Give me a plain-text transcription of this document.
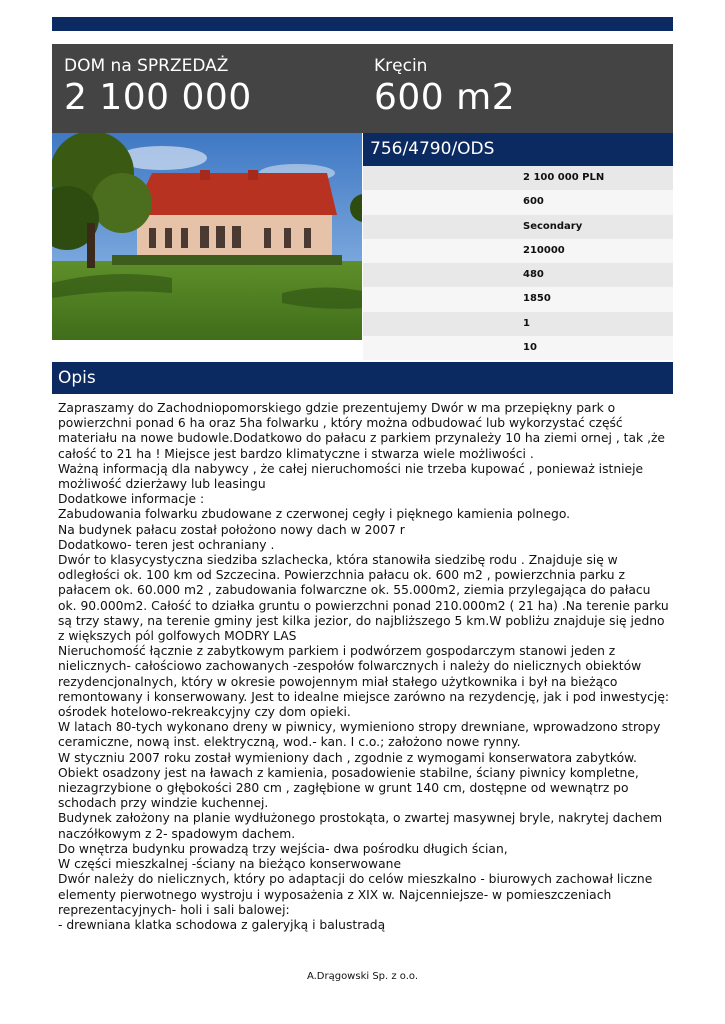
DOM na SPRZEDAŻ
2 100 000
Kręcin
600 m2
756/4790/ODS
2 100 000 PLN
600
Secondary
210000
480
1850
1
10
Opis

Zapraszamy do Zachodniopomorskiego gdzie prezentujemy Dwór w ma przepiękny park o powierzchni ponad 6 ha oraz 5ha folwarku , który można odbudować lub wykorzystać część materiału na nowe budowle.Dodatkowo do pałacu z parkiem przynależy 10 ha ziemi ornej , tak ,że całość to 21 ha ! Miejsce jest bardzo klimatyczne i stwarza wiele możliwości .

Ważną informacją dla nabywcy , że całej nieruchomości nie trzeba kupować , ponieważ istnieje możliwość dzierżawy lub leasingu

Dodatkowe informacje :

Zabudowania folwarku zbudowane z czerwonej cegły i pięknego kamienia polnego.

Na budynek pałacu został położono nowy dach w 2007 r

Dodatkowo- teren jest ochraniany .

Dwór to klasycystyczna siedziba szlachecka, która stanowiła siedzibę rodu . Znajduje się w odległości ok. 100 km od Szczecina. Powierzchnia pałacu ok. 600 m2 , powierzchnia parku z pałacem ok. 60.000 m2 , zabudowania folwarczne ok. 55.000m2, ziemia przylegająca do pałacu ok. 90.000m2. Całość to działka gruntu o powierzchni ponad 210.000m2 ( 21 ha) .Na terenie parku są trzy stawy, na terenie gminy jest kilka jezior, do najbliższego 5 km.W pobliżu znajduje się jedno z większych pól golfowych MODRY LAS

Nieruchomość łącznie z zabytkowym parkiem i podwórzem gospodarczym stanowi jeden z nielicznych- całościowo zachowanych -zespołów folwarcznych i należy do nielicznych obiektów rezydencjonalnych, który w okresie powojennym miał stałego użytkownika i był na bieżąco remontowany i konserwowany. Jest to idealne miejsce zarówno na rezydencję, jak i pod inwestycję: ośrodek hotelowo-rekreakcyjny czy dom opieki.

W latach 80-tych wykonano dreny w piwnicy, wymieniono stropy drewniane, wprowadzono stropy ceramiczne, nową inst. elektryczną, wod.- kan. I c.o.; założono nowe rynny.

W styczniu 2007 roku został wymieniony dach , zgodnie z wymogami konserwatora zabytków. Obiekt osadzony jest na ławach z kamienia, posadowienie stabilne, ściany piwnicy kompletne, niezagrzybione o głębokości 280 cm , zagłębione w grunt 140 cm, dostępne od wewnątrz po schodach przy windzie kuchennej.

Budynek założony na planie wydłużonego prostokąta, o zwartej masywnej bryle, nakrytej dachem naczółkowym z 2- spadowym dachem.

Do wnętrza budynku prowadzą trzy wejścia- dwa pośrodku długich ścian,

W części mieszkalnej -ściany na bieżąco konserwowane

Dwór należy do nielicznych, który po adaptacji do celów mieszkalno - biurowych zachował liczne elementy pierwotnego wystroju i wyposażenia z XIX w. Najcenniejsze- w pomieszczeniach reprezentacyjnych- holi i sali balowej:

- drewniana klatka schodowa z galeryjką i balustradą

A.Drągowski Sp. z o.o.
